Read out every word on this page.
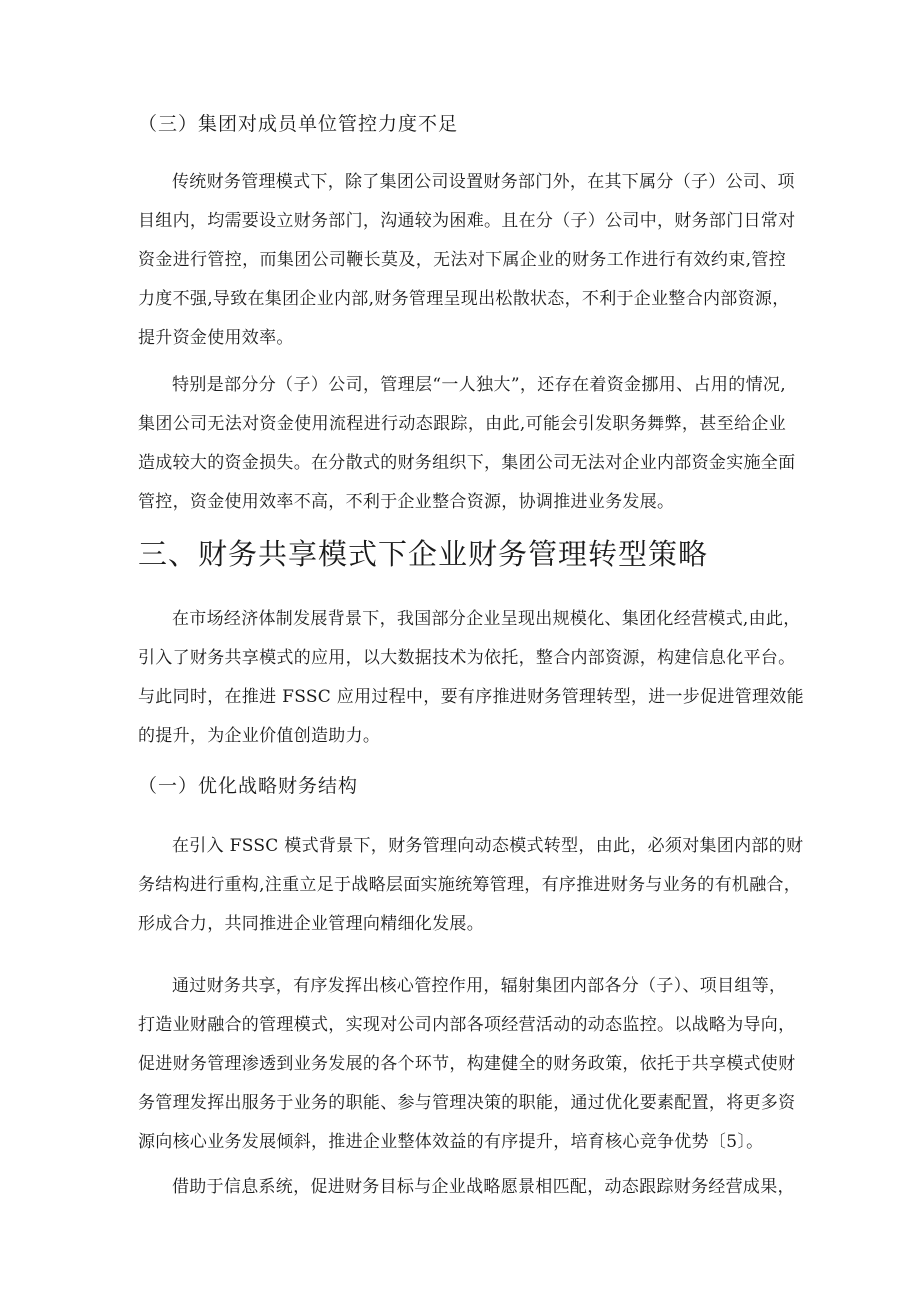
（三）集团对成员单位管控力度不足
传统财务管理模式下，除了集团公司设置财务部门外，在其下属分（子）公司、项
目组内，均需要设立财务部门，沟通较为困难。且在分（子）公司中，财务部门日常对
资金进行管控，而集团公司鞭长莫及，无法对下属企业的财务工作进行有效约束,管控
力度不强,导致在集团企业内部,财务管理呈现出松散状态，不利于企业整合内部资源，
提升资金使用效率。
特别是部分分（子）公司，管理层“一人独大”，还存在着资金挪用、占用的情况,
集团公司无法对资金使用流程进行动态跟踪，由此,可能会引发职务舞弊，甚至给企业
造成较大的资金损失。在分散式的财务组织下，集团公司无法对企业内部资金实施全面
管控，资金使用效率不高，不利于企业整合资源，协调推进业务发展。
三、财务共享模式下企业财务管理转型策略
在市场经济体制发展背景下，我国部分企业呈现出规模化、集团化经营模式,由此，
引入了财务共享模式的应用，以大数据技术为依托，整合内部资源，构建信息化平台。
与此同时，在推进 FSSC 应用过程中，要有序推进财务管理转型，进一步促进管理效能
的提升，为企业价值创造助力。
（一）优化战略财务结构
在引入 FSSC 模式背景下，财务管理向动态模式转型，由此，必须对集团内部的财
务结构进行重构,注重立足于战略层面实施统筹管理，有序推进财务与业务的有机融合，
形成合力，共同推进企业管理向精细化发展。
通过财务共享，有序发挥出核心管控作用，辐射集团内部各分（子）、项目组等，
打造业财融合的管理模式，实现对公司内部各项经营活动的动态监控。以战略为导向，
促进财务管理渗透到业务发展的各个环节，构建健全的财务政策，依托于共享模式使财
务管理发挥出服务于业务的职能、参与管理决策的职能，通过优化要素配置，将更多资
源向核心业务发展倾斜，推进企业整体效益的有序提升，培育核心竞争优势〔5〕。
借助于信息系统，促进财务目标与企业战略愿景相匹配，动态跟踪财务经营成果，
